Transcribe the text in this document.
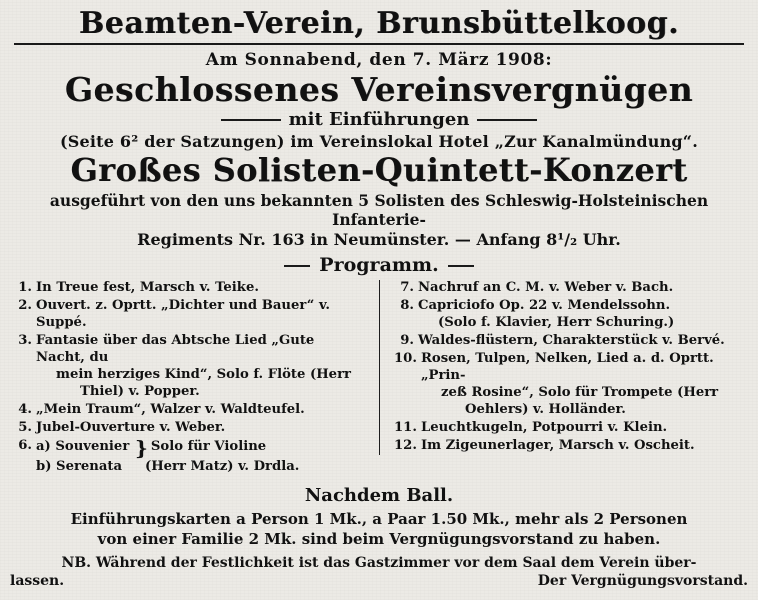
Beamten-Verein, Brunsbüttelkoog.
Am Sonnabend, den 7. März 1908:
Geschlossenes Vereinsvergnügen
mit Einführungen
(Seite 6² der Satzungen) im Vereinslokal Hotel „Zur Kanalmündung“.
Großes Solisten-Quintett-Konzert
ausgeführt von den uns bekannten 5 Solisten des Schleswig-Holsteinischen Infanterie-
Regiments Nr. 163 in Neumünster. — Anfang 8¹/₂ Uhr.
Programm.
1. In Treue fest, Marsch v. Teike.
2. Ouvert. z. Oprtt. „Dichter und Bauer“ v. Suppé.
3. Fantasie über das Abtsche Lied „Gute Nacht, du
mein herziges Kind“, Solo f. Flöte (Herr
Thiel) v. Popper.
4. „Mein Traum“, Walzer v. Waldteufel.
5. Jubel-Ouverture v. Weber.
6. a) Souvenier } Solo für Violine
b) Serenata
	(Herr Matz) v. Drdla.
7. Nachruf an C. M. v. Weber v. Bach.
8. Capriciofo Op. 22 v. Mendelssohn.
(Solo f. Klavier, Herr Schuring.)
9. Waldes-flüstern, Charakterstück v. Bervé.
10. Rosen, Tulpen, Nelken, Lied a. d. Oprtt. „Prin-
zeß Rosine“, Solo für Trompete (Herr
Oehlers) v. Holländer.
11. Leuchtkugeln, Potpourri v. Klein.
12. Im Zigeunerlager, Marsch v. Oscheit.
Nachdem Ball.
Einführungskarten a Person 1 Mk., a Paar 1.50 Mk., mehr als 2 Personen
von einer Familie 2 Mk. sind beim Vergnügungsvorstand zu haben.
NB. Während der Festlichkeit ist das Gastzimmer vor dem Saal dem Verein über-
lassen.	Der Vergnügungsvorstand.
